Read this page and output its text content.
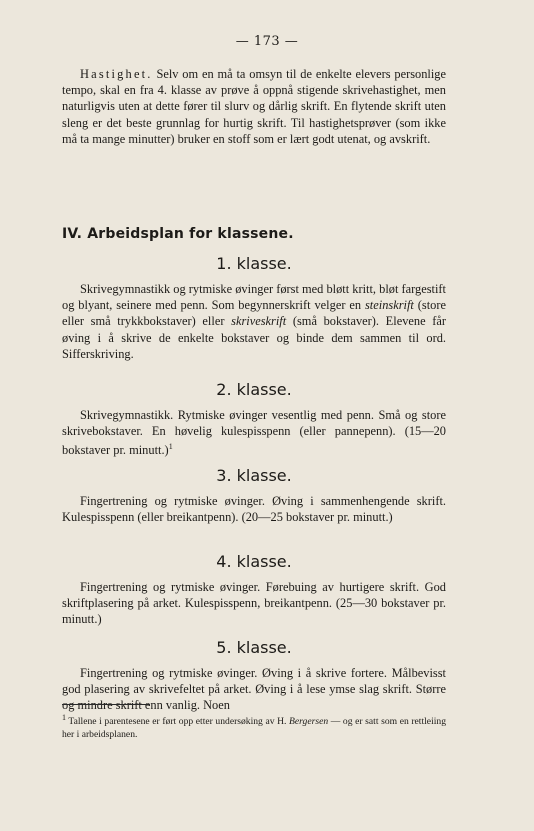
— 173 —

Hastighet. Selv om en må ta omsyn til de enkelte elevers personlige tempo, skal en fra 4. klasse av prøve å oppnå stigende skrivehastighet, men naturligvis uten at dette fører til slurv og dårlig skrift. En flytende skrift uten sleng er det beste grunnlag for hurtig skrift. Til hastighetsprøver (som ikke må ta mange minutter) bruker en stoff som er lært godt utenat, og avskrift.

IV. Arbeidsplan for klassene.
1. klasse.

Skrivegymnastikk og rytmiske øvinger først med bløtt kritt, bløt fargestift og blyant, seinere med penn. Som begynnerskrift velger en steinskrift (store eller små trykkbokstaver) eller skriveskrift (små bokstaver). Elevene får øving i å skrive de enkelte bokstaver og binde dem sammen til ord. Sifferskriving.

2. klasse.

Skrivegymnastikk. Rytmiske øvinger vesentlig med penn. Små og store skrivebokstaver. En høvelig kulespisspenn (eller pannepenn). (15—20 bokstaver pr. minutt.)$^1$

3. klasse.

Fingertrening og rytmiske øvinger. Øving i sammenhengende skrift. Kulespisspenn (eller breikantpenn). (20—25 bokstaver pr. minutt.)

4. klasse.

Fingertrening og rytmiske øvinger. Førebuing av hurtigere skrift. God skriftplasering på arket. Kulespisspenn, breikantpenn. (25—30 bokstaver pr. minutt.)

5. klasse.

Fingertrening og rytmiske øvinger. Øving i å skrive fortere. Målbevisst god plasering av skrivefeltet på arket. Øving i å lese ymse slag skrift. Større og mindre skrift enn vanlig. Noen

$^1$ Tallene i parentesene er ført opp etter undersøking av H. Bergersen — og er satt som en rettleiing her i arbeidsplanen.
